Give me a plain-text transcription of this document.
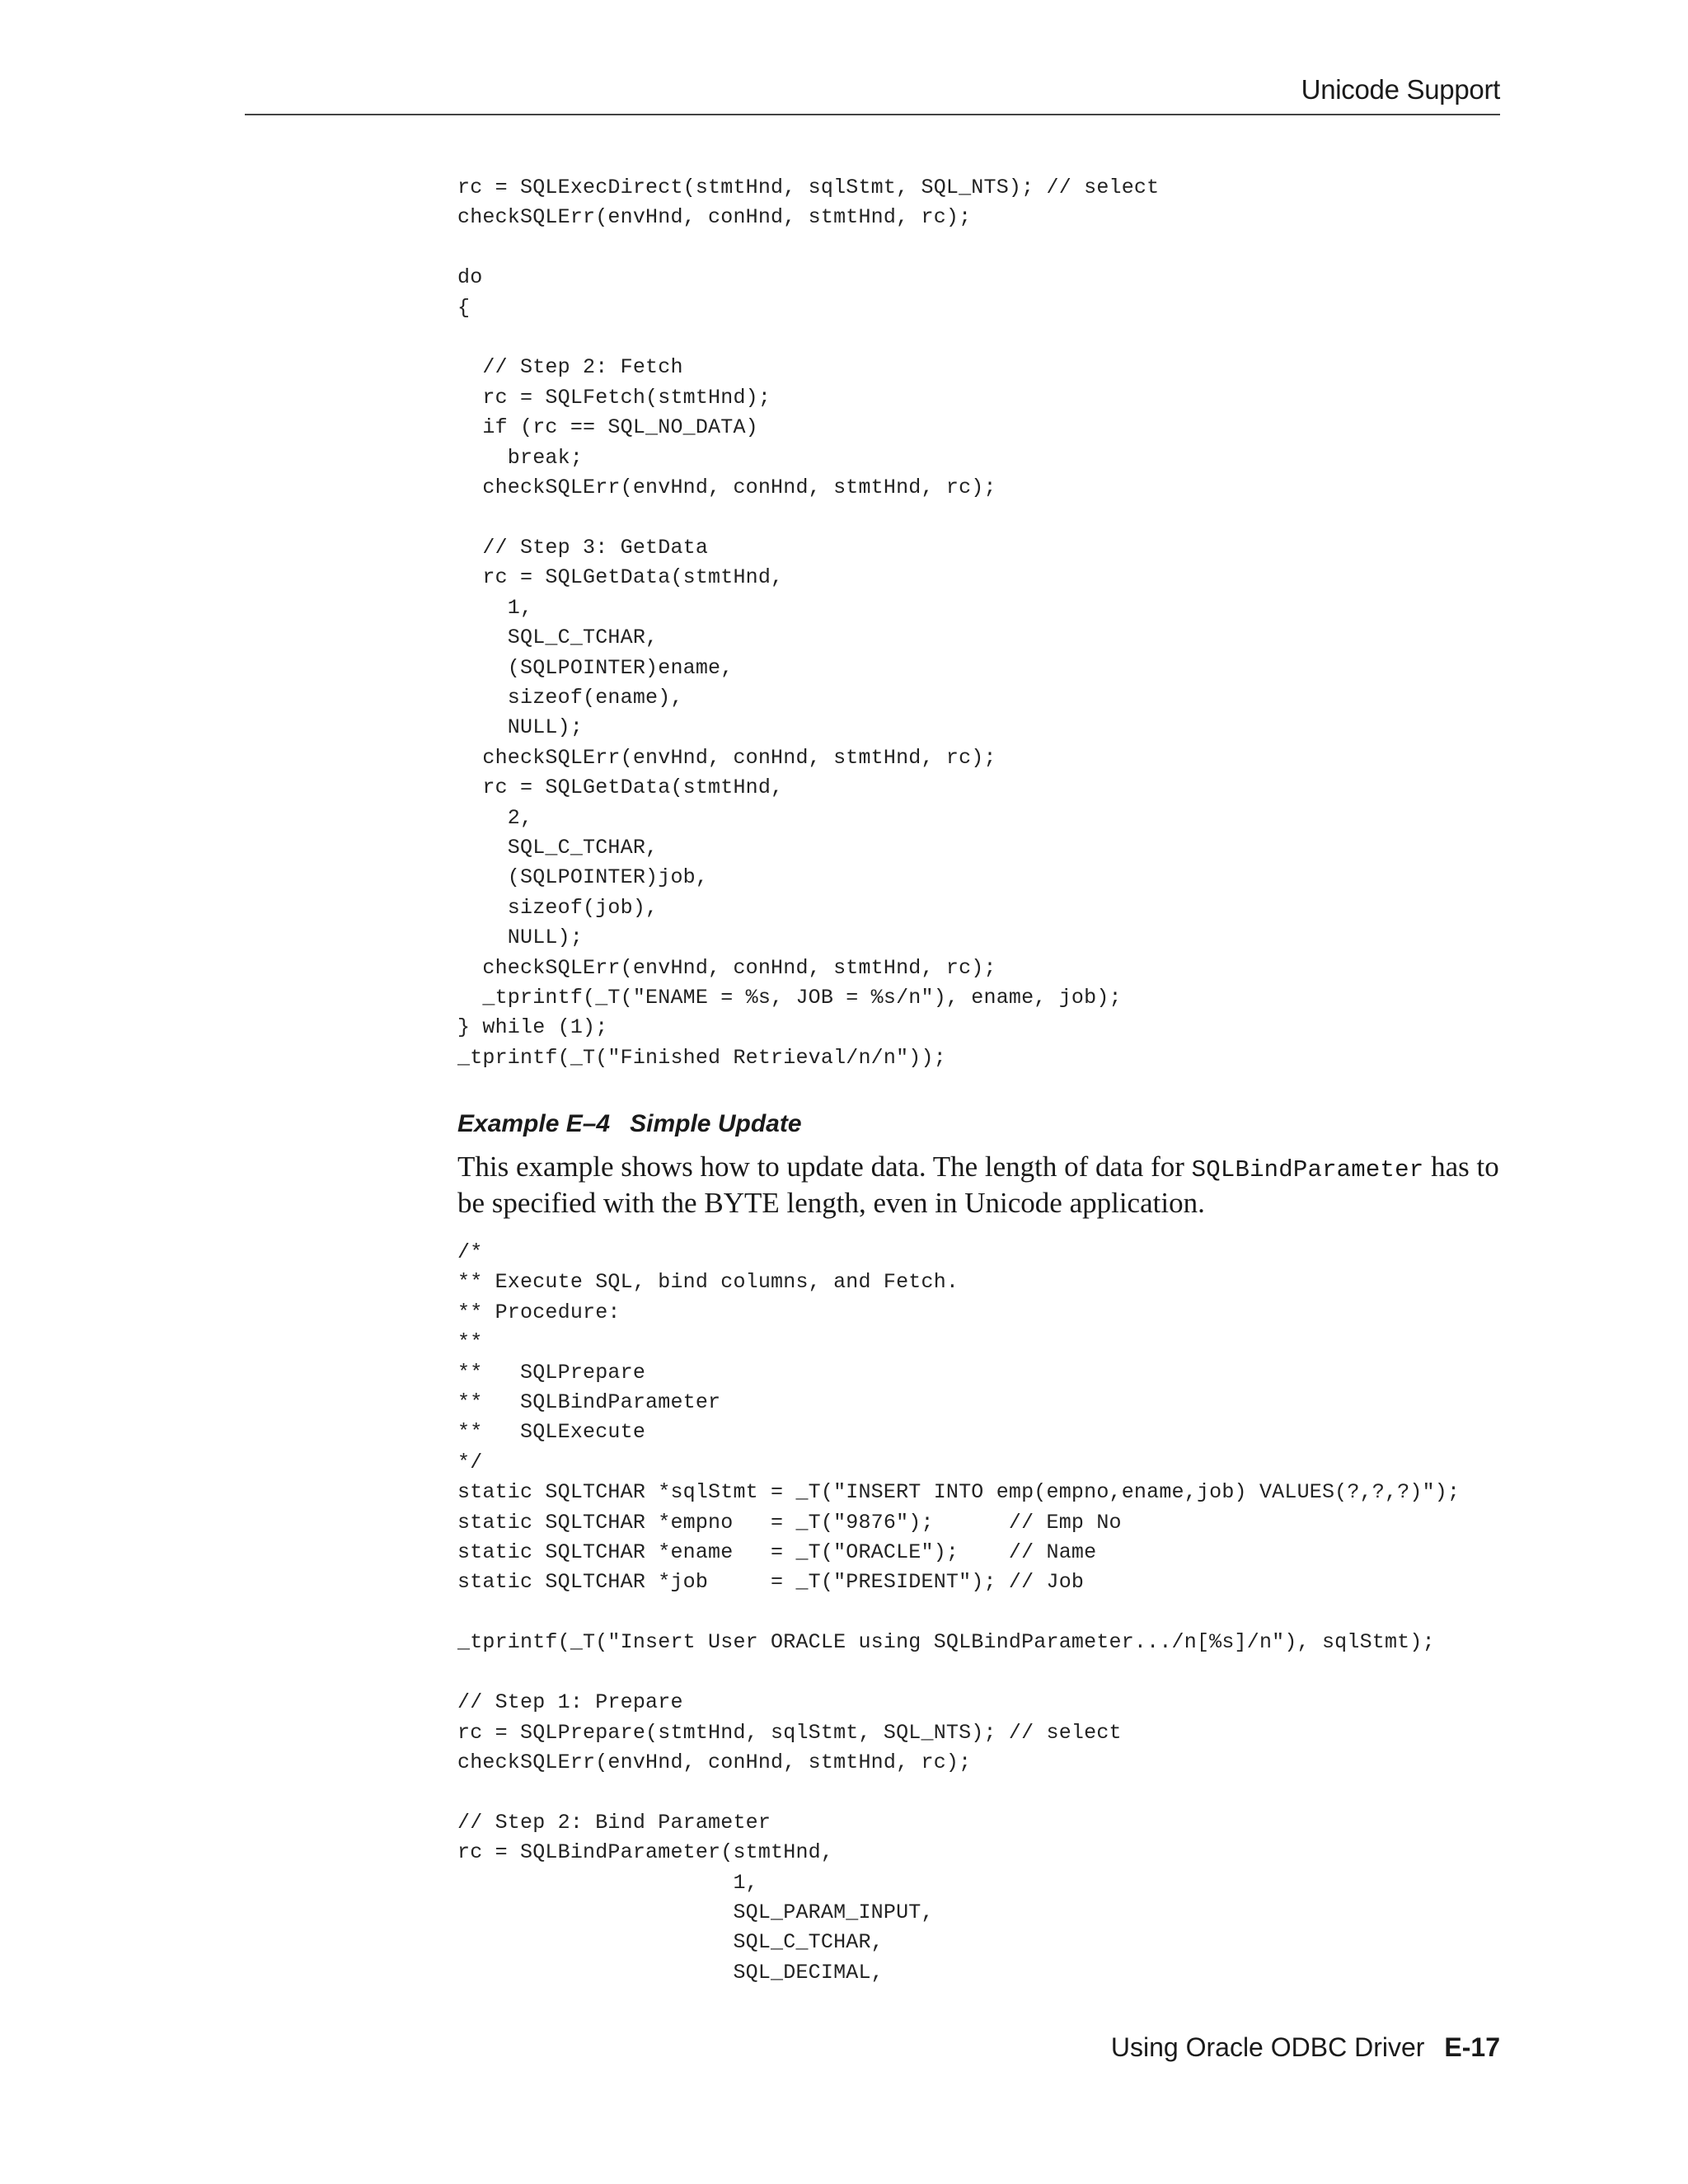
Unicode Support
rc = SQLExecDirect(stmtHnd, sqlStmt, SQL_NTS); // select
checkSQLErr(envHnd, conHnd, stmtHnd, rc);

do
{

// Step 2: Fetch
rc = SQLFetch(stmtHnd);
if (rc == SQL_NO_DATA)
break;
checkSQLErr(envHnd, conHnd, stmtHnd, rc);

// Step 3: GetData
rc = SQLGetData(stmtHnd,
1,
SQL_C_TCHAR,
(SQLPOINTER)ename,
sizeof(ename),
NULL);
checkSQLErr(envHnd, conHnd, stmtHnd, rc);
rc = SQLGetData(stmtHnd,
2,
SQL_C_TCHAR,
(SQLPOINTER)job,
sizeof(job),
NULL);
checkSQLErr(envHnd, conHnd, stmtHnd, rc);
_tprintf(_T("ENAME = %s, JOB = %s/n"), ename, job);
} while (1);
_tprintf(_T("Finished Retrieval/n/n"));
Example E–4 Simple Update

This example shows how to update data. The length of data for SQLBindParameter has to be specified with the BYTE length, even in Unicode application.

/*
** Execute SQL, bind columns, and Fetch.
** Procedure:
**
**   SQLPrepare
**   SQLBindParameter
**   SQLExecute
*/
static SQLTCHAR *sqlStmt = _T("INSERT INTO emp(empno,ename,job) VALUES(?,?,?)");
static SQLTCHAR *empno   = _T("9876");      // Emp No
static SQLTCHAR *ename   = _T("ORACLE");    // Name
static SQLTCHAR *job     = _T("PRESIDENT"); // Job

_tprintf(_T("Insert User ORACLE using SQLBindParameter.../n[%s]/n"), sqlStmt);

// Step 1: Prepare
rc = SQLPrepare(stmtHnd, sqlStmt, SQL_NTS); // select
checkSQLErr(envHnd, conHnd, stmtHnd, rc);

// Step 2: Bind Parameter
rc = SQLBindParameter(stmtHnd,
1,
SQL_PARAM_INPUT,
SQL_C_TCHAR,
SQL_DECIMAL,
Using Oracle ODBC Driver E-17
